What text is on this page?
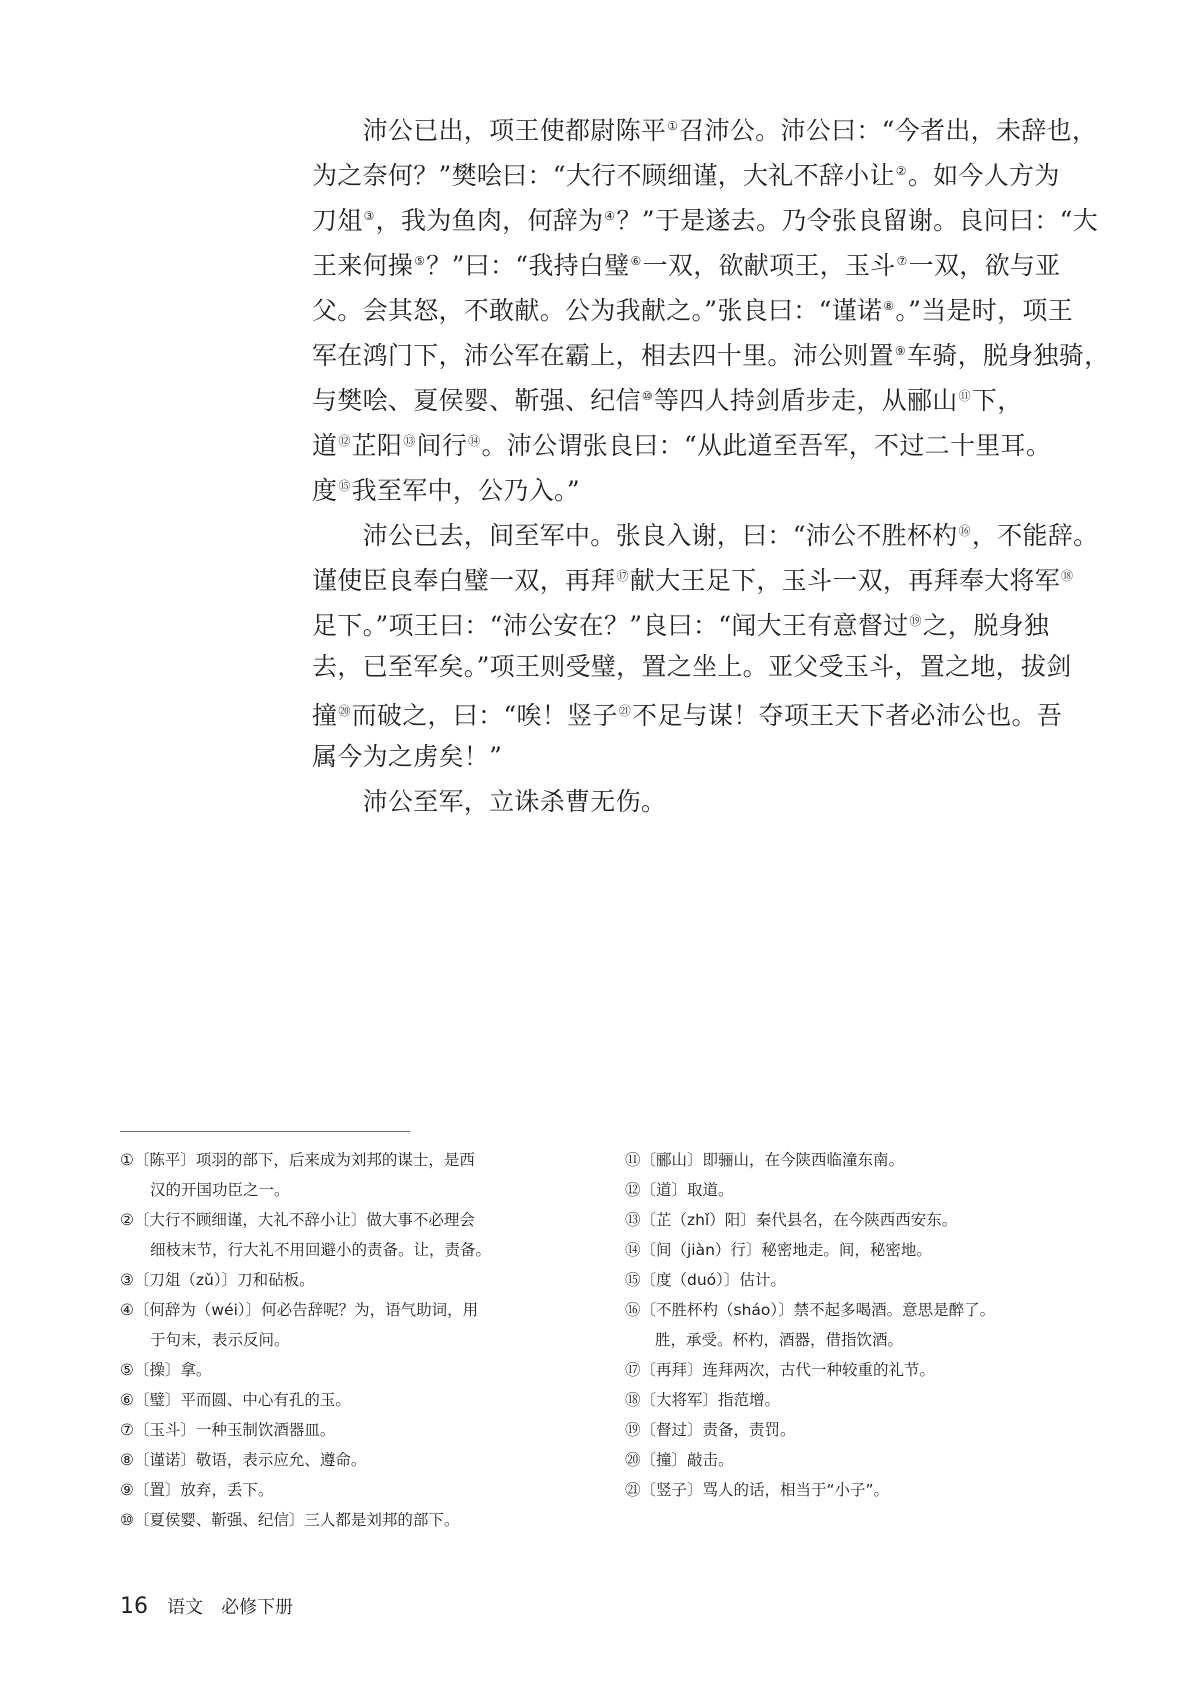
　　沛公已出，项王使都尉陈平①召沛公。沛公曰：“今者出，未辞也，
为之奈何？”樊哙曰：“大行不顾细谨，大礼不辞小让②。如今人方为
刀俎③，我为鱼肉，何辞为④？”于是遂去。乃令张良留谢。良问曰：“大
王来何操⑤？”曰：“我持白璧⑥一双，欲献项王，玉斗⑦一双，欲与亚
父。会其怒，不敢献。公为我献之。”张良曰：“谨诺⑧。”当是时，项王
军在鸿门下，沛公军在霸上，相去四十里。沛公则置⑨车骑，脱身独骑，
与樊哙、夏侯婴、靳强、纪信⑩等四人持剑盾步走，从郦山⑪下，
道⑫芷阳⑬间行⑭。沛公谓张良曰：“从此道至吾军，不过二十里耳。
度⑮我至军中，公乃入。”
　　沛公已去，间至军中。张良入谢，曰：“沛公不胜杯杓⑯，不能辞。
谨使臣良奉白璧一双，再拜⑰献大王足下，玉斗一双，再拜奉大将军⑱
足下。”项王曰：“沛公安在？”良曰：“闻大王有意督过⑲之，脱身独
去，已至军矣。”项王则受璧，置之坐上。亚父受玉斗，置之地，拔剑
撞⑳而破之，曰：“唉！竖子$^㉑$不足与谋！夺项王天下者必沛公也。吾
属今为之虏矣！”
　　沛公至军，立诛杀曹无伤。
①〔陈平〕项羽的部下，后来成为刘邦的谋士，是西
汉的开国功臣之一。
②〔大行不顾细谨，大礼不辞小让〕做大事不必理会
细枝末节，行大礼不用回避小的责备。让，责备。
③〔刀俎（zǔ）〕刀和砧板。
④〔何辞为（wéi）〕何必告辞呢？为，语气助词，用
于句末，表示反问。
⑤〔操〕拿。
⑥〔璧〕平而圆、中心有孔的玉。
⑦〔玉斗〕一种玉制饮酒器皿。
⑧〔谨诺〕敬语，表示应允、遵命。
⑨〔置〕放弃，丢下。
⑩〔夏侯婴、靳强、纪信〕三人都是刘邦的部下。
⑪〔郦山〕即骊山，在今陕西临潼东南。
⑫〔道〕取道。
⑬〔芷（zhǐ）阳〕秦代县名，在今陕西西安东。
⑭〔间（jiàn）行〕秘密地走。间，秘密地。
⑮〔度（duó）〕估计。
⑯〔不胜杯杓（sháo）〕禁不起多喝酒。意思是醉了。
胜，承受。杯杓，酒器，借指饮酒。
⑰〔再拜〕连拜两次，古代一种较重的礼节。
⑱〔大将军〕指范增。
⑲〔督过〕责备，责罚。
⑳〔撞〕敲击。
㉑〔竖子〕骂人的话，相当于“小子”。
16 语文　必修下册
